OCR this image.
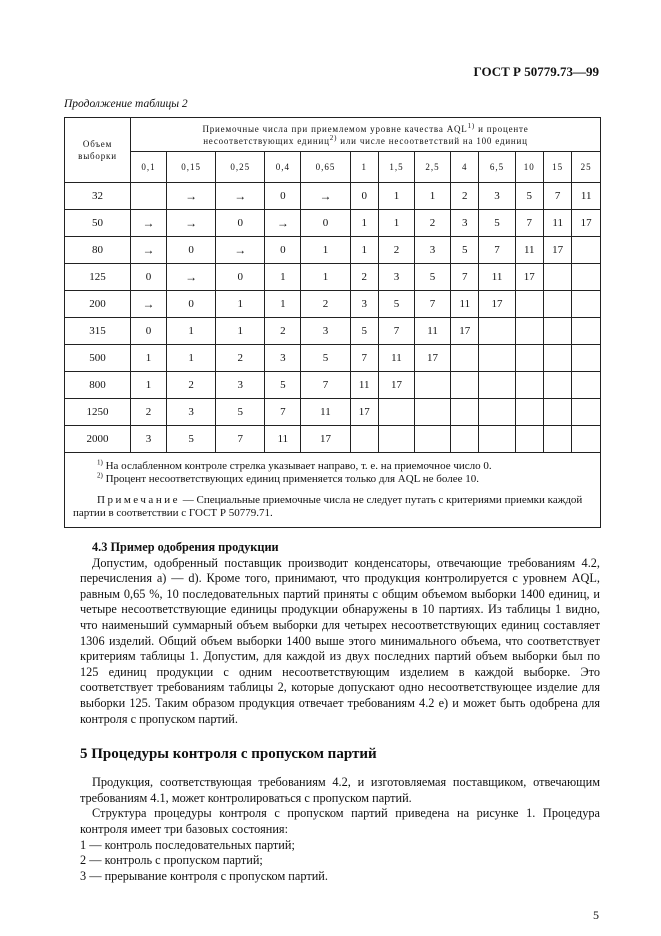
ГОСТ Р 50779.73—99
Продолжение таблицы 2
Объем выборки	Приемочные числа при приемлемом уровне качества AQL$^{1)}$ и проценте
несоответствующих единиц$^{2)}$ или числе несоответствий на 100 единиц												
	0,1	0,15	0,25	0,4	0,65	1	1,5	2,5	4	6,5	10	15	25
32		→	→	0	→	0	1	1	2	3	5	7	11
50	→	→	0	→	0	1	1	2	3	5	7	11	17
80	→	0	→	0	1	1	2	3	5	7	11	17	
125	0	→	0	1	1	2	3	5	7	11	17		
200	→	0	1	1	2	3	5	7	11	17			
315	0	1	1	2	3	5	7	11	17				
500	1	1	2	3	5	7	11	17					
800	1	2	3	5	7	11	17						
1250	2	3	5	7	11	17							
2000	3	5	7	11	17								

$^{1)}$ На ослабленном контроле стрелка указывает направо, т. е. на приемочное число 0.
$^{2)}$ Процент несоответствующих единиц применяется только для AQL не более 10.
Примечание — Специальные приемочные числа не следует путать с критериями приемки каждой партии в соответствии с ГОСТ Р 50779.71.													

4.3 Пример одобрения продукции

Допустим, одобренный поставщик производит конденсаторы, отвечающие требованиям 4.2, перечисления а) — d). Кроме того, принимают, что продукция контролируется с уровнем AQL, равным 0,65 %, 10 последовательных партий приняты с общим объемом выборки 1400 единиц, и четыре несоответствующие единицы продукции обнаружены в 10 партиях. Из таблицы 1 видно, что наименьший суммарный объем выборки для четырех несоответствующих единиц составляет 1306 изделий. Общий объем выборки 1400 выше этого минимального объема, что соответствует критериям таблицы 1. Допустим, для каждой из двух последних партий объем выборки был по 125 единиц продукции с одним несоответствующим изделием в каждой выборке. Это соответствует требованиям таблицы 2, которые допускают одно несоответствующее изделие для выборки 125. Таким образом продукция отвечает требованиям 4.2 е) и может быть одобрена для контроля с пропуском партий.

5 Процедуры контроля с пропуском партий

Продукция, соответствующая требованиям 4.2, и изготовляемая поставщиком, отвечающим требованиям 4.1, может контролироваться с пропуском партий.

Структура процедуры контроля с пропуском партий приведена на рисунке 1. Процедура контроля имеет три базовых состояния:

1 — контроль последовательных партий;

2 — контроль с пропуском партий;

3 — прерывание контроля с пропуском партий.

5
